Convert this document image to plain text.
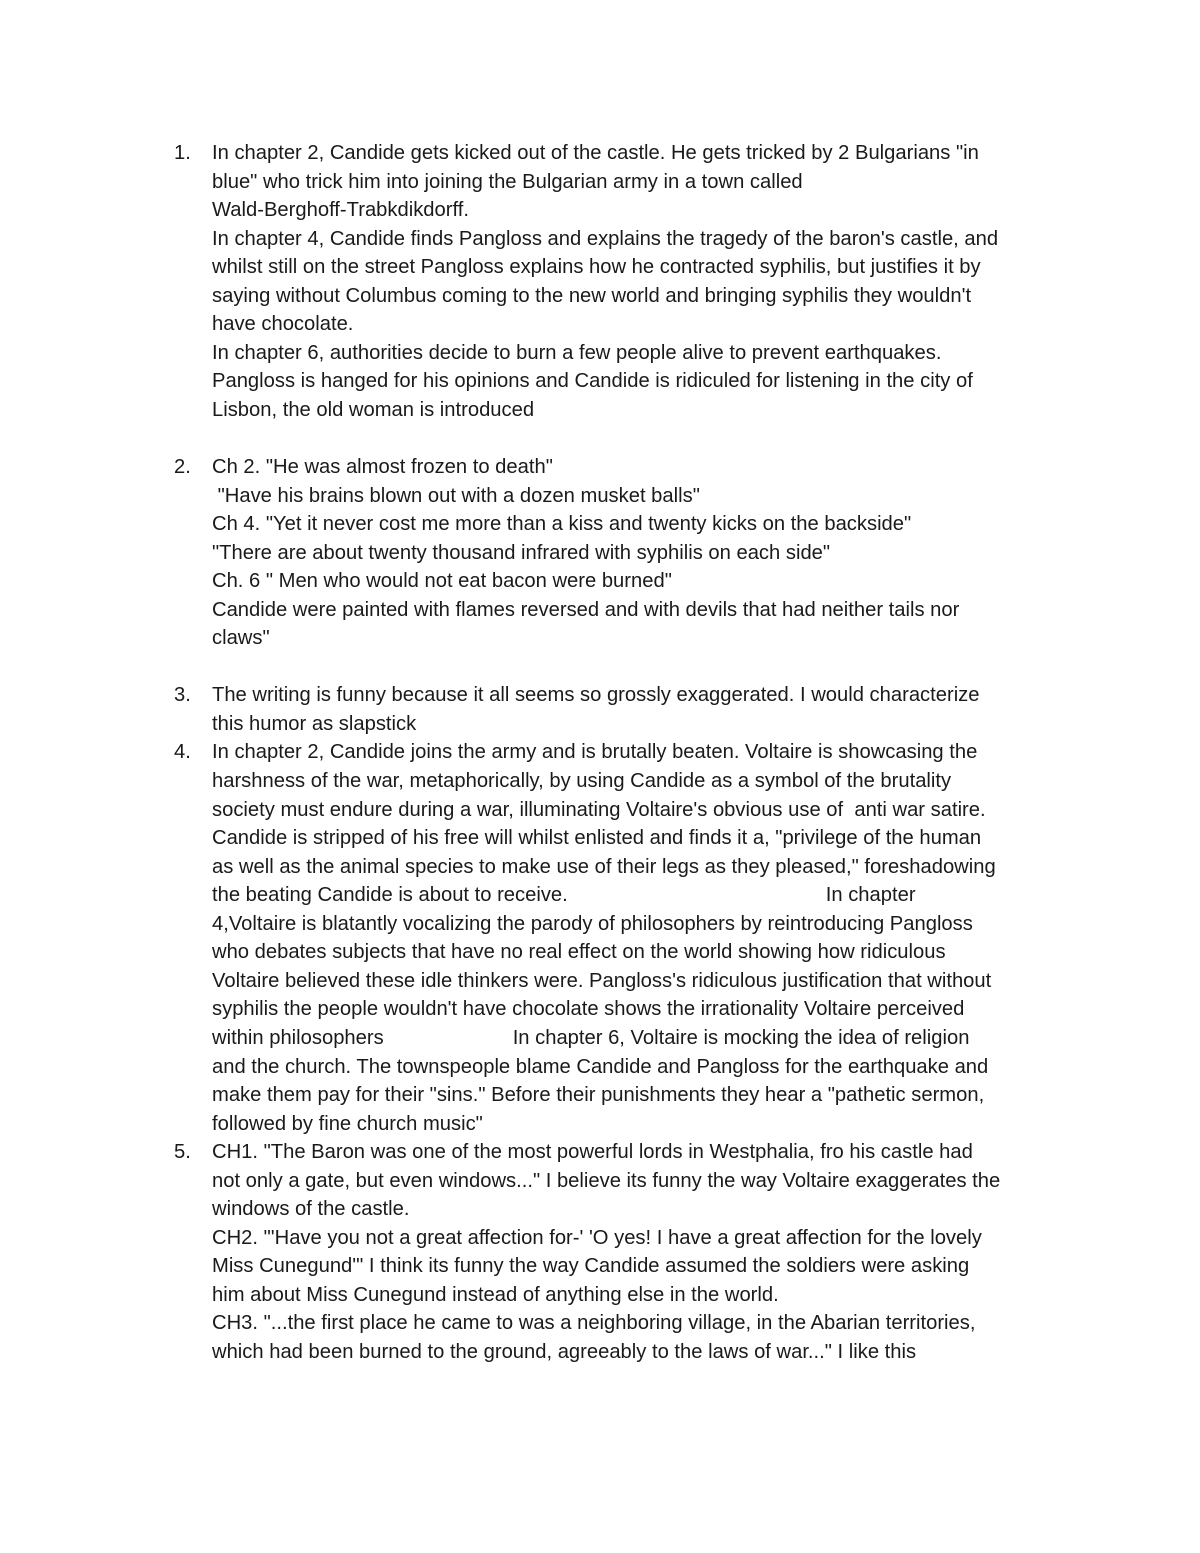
1.	In chapter 2, Candide gets kicked out of the castle. He gets tricked by 2 Bulgarians "in
blue" who trick him into joining the Bulgarian army in a town called
Wald-Berghoff-Trabkdikdorff.
In chapter 4, Candide finds Pangloss and explains the tragedy of the baron's castle, and
whilst still on the street Pangloss explains how he contracted syphilis, but justifies it by
saying without Columbus coming to the new world and bringing syphilis they wouldn't
have chocolate.
In chapter 6, authorities decide to burn a few people alive to prevent earthquakes.
Pangloss is hanged for his opinions and Candide is ridiculed for listening in the city of
Lisbon, the old woman is introduced
2.	Ch 2. "He was almost frozen to death"
"Have his brains blown out with a dozen musket balls"
Ch 4. "Yet it never cost me more than a kiss and twenty kicks on the backside"
"There are about twenty thousand infrared with syphilis on each side"
Ch. 6 " Men who would not eat bacon were burned"
Candide were painted with flames reversed and with devils that had neither tails nor
claws"
3.	The writing is funny because it all seems so grossly exaggerated. I would characterize
this humor as slapstick
4.	In chapter 2, Candide joins the army and is brutally beaten. Voltaire is showcasing the
harshness of the war, metaphorically, by using Candide as a symbol of the brutality
society must endure during a war, illuminating Voltaire's obvious use of  anti war satire.
Candide is stripped of his free will whilst enlisted and finds it a, "privilege of the human
as well as the animal species to make use of their legs as they pleased," foreshadowing
the beating Candide is about to receive.                                              In chapter
4,Voltaire is blatantly vocalizing the parody of philosophers by reintroducing Pangloss
who debates subjects that have no real effect on the world showing how ridiculous
Voltaire believed these idle thinkers were. Pangloss's ridiculous justification that without
syphilis the people wouldn't have chocolate shows the irrationality Voltaire perceived
within philosophers                       In chapter 6, Voltaire is mocking the idea of religion
and the church. The townspeople blame Candide and Pangloss for the earthquake and
make them pay for their "sins." Before their punishments they hear a "pathetic sermon,
followed by fine church music"
5.	CH1. "The Baron was one of the most powerful lords in Westphalia, fro his castle had
not only a gate, but even windows..." I believe its funny the way Voltaire exaggerates the
windows of the castle.
CH2. "'Have you not a great affection for-' 'O yes! I have a great affection for the lovely
Miss Cunegund'" I think its funny the way Candide assumed the soldiers were asking
him about Miss Cunegund instead of anything else in the world.
CH3. "...the first place he came to was a neighboring village, in the Abarian territories,
which had been burned to the ground, agreeably to the laws of war..." I like this
